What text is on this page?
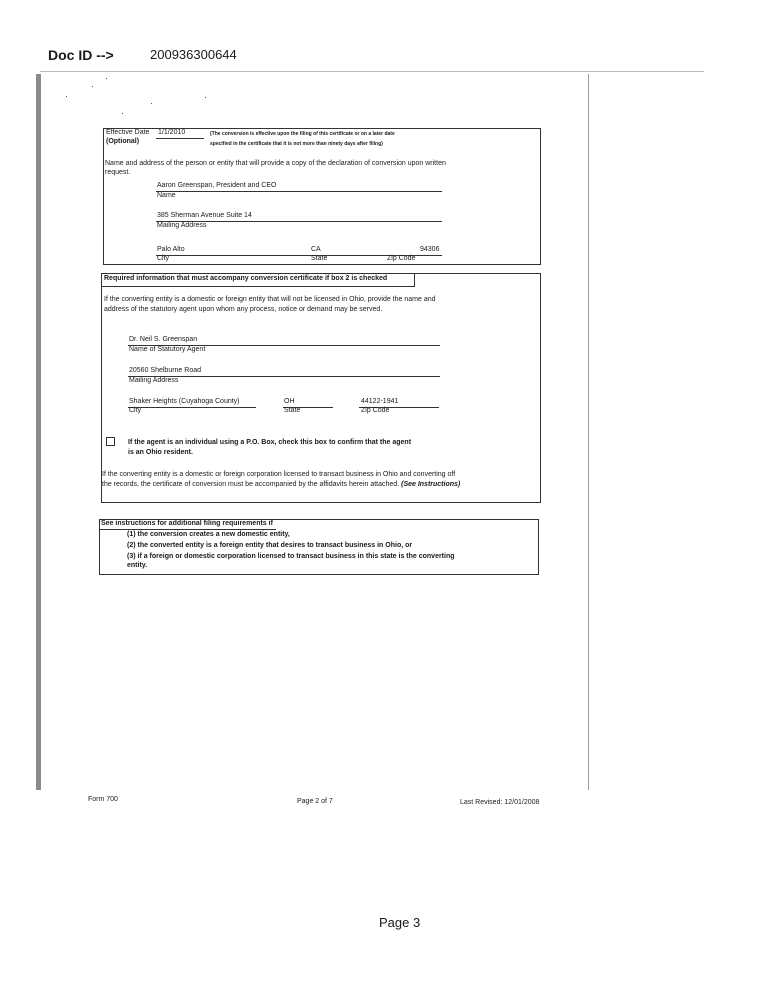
Doc ID -->	200936300644
Effective Date
(Optional)
1/1/2010	(The conversion is effective upon the filing of this certificate or on a later date
specified in the certificate that it is not more than ninety days after filing)
Name and address of the person or entity that will provide a copy of the declaration of conversion upon written
request.
Aaron Greenspan, President and CEO
Name
385 Sherman Avenue Suite 14
Mailing Address
Palo Alto	CA	94306
City	State	Zip Code
Required information that must accompany conversion certificate if box 2 is checked
If the converting entity is a domestic or foreign entity that will not be licensed in Ohio, provide the name and
address of the statutory agent upon whom any process, notice or demand may be served.
Dr. Neil S. Greenspan
Name of Statutory Agent
20560 Shelburne Road
Mailing Address
Shaker Heights (Cuyahoga County)	OH	44122-1941
City	State	Zip Code
If the agent is an individual using a P.O. Box, check this box to confirm that the agent
is an Ohio resident.
If the converting entity is a domestic or foreign corporation licensed to transact business in Ohio and converting off
the records, the certificate of conversion must be accompanied by the affidavits herein attached. (See Instructions)
See instructions for additional filing requirements if
(1) the conversion creates a new domestic entity,
(2) the converted entity is a foreign entity that desires to transact business in Ohio, or
(3) if a foreign or domestic corporation licensed to transact business in this state is the converting
entity.
Form 700	Page 2 of 7	Last Revised: 12/01/2008
Page 3
